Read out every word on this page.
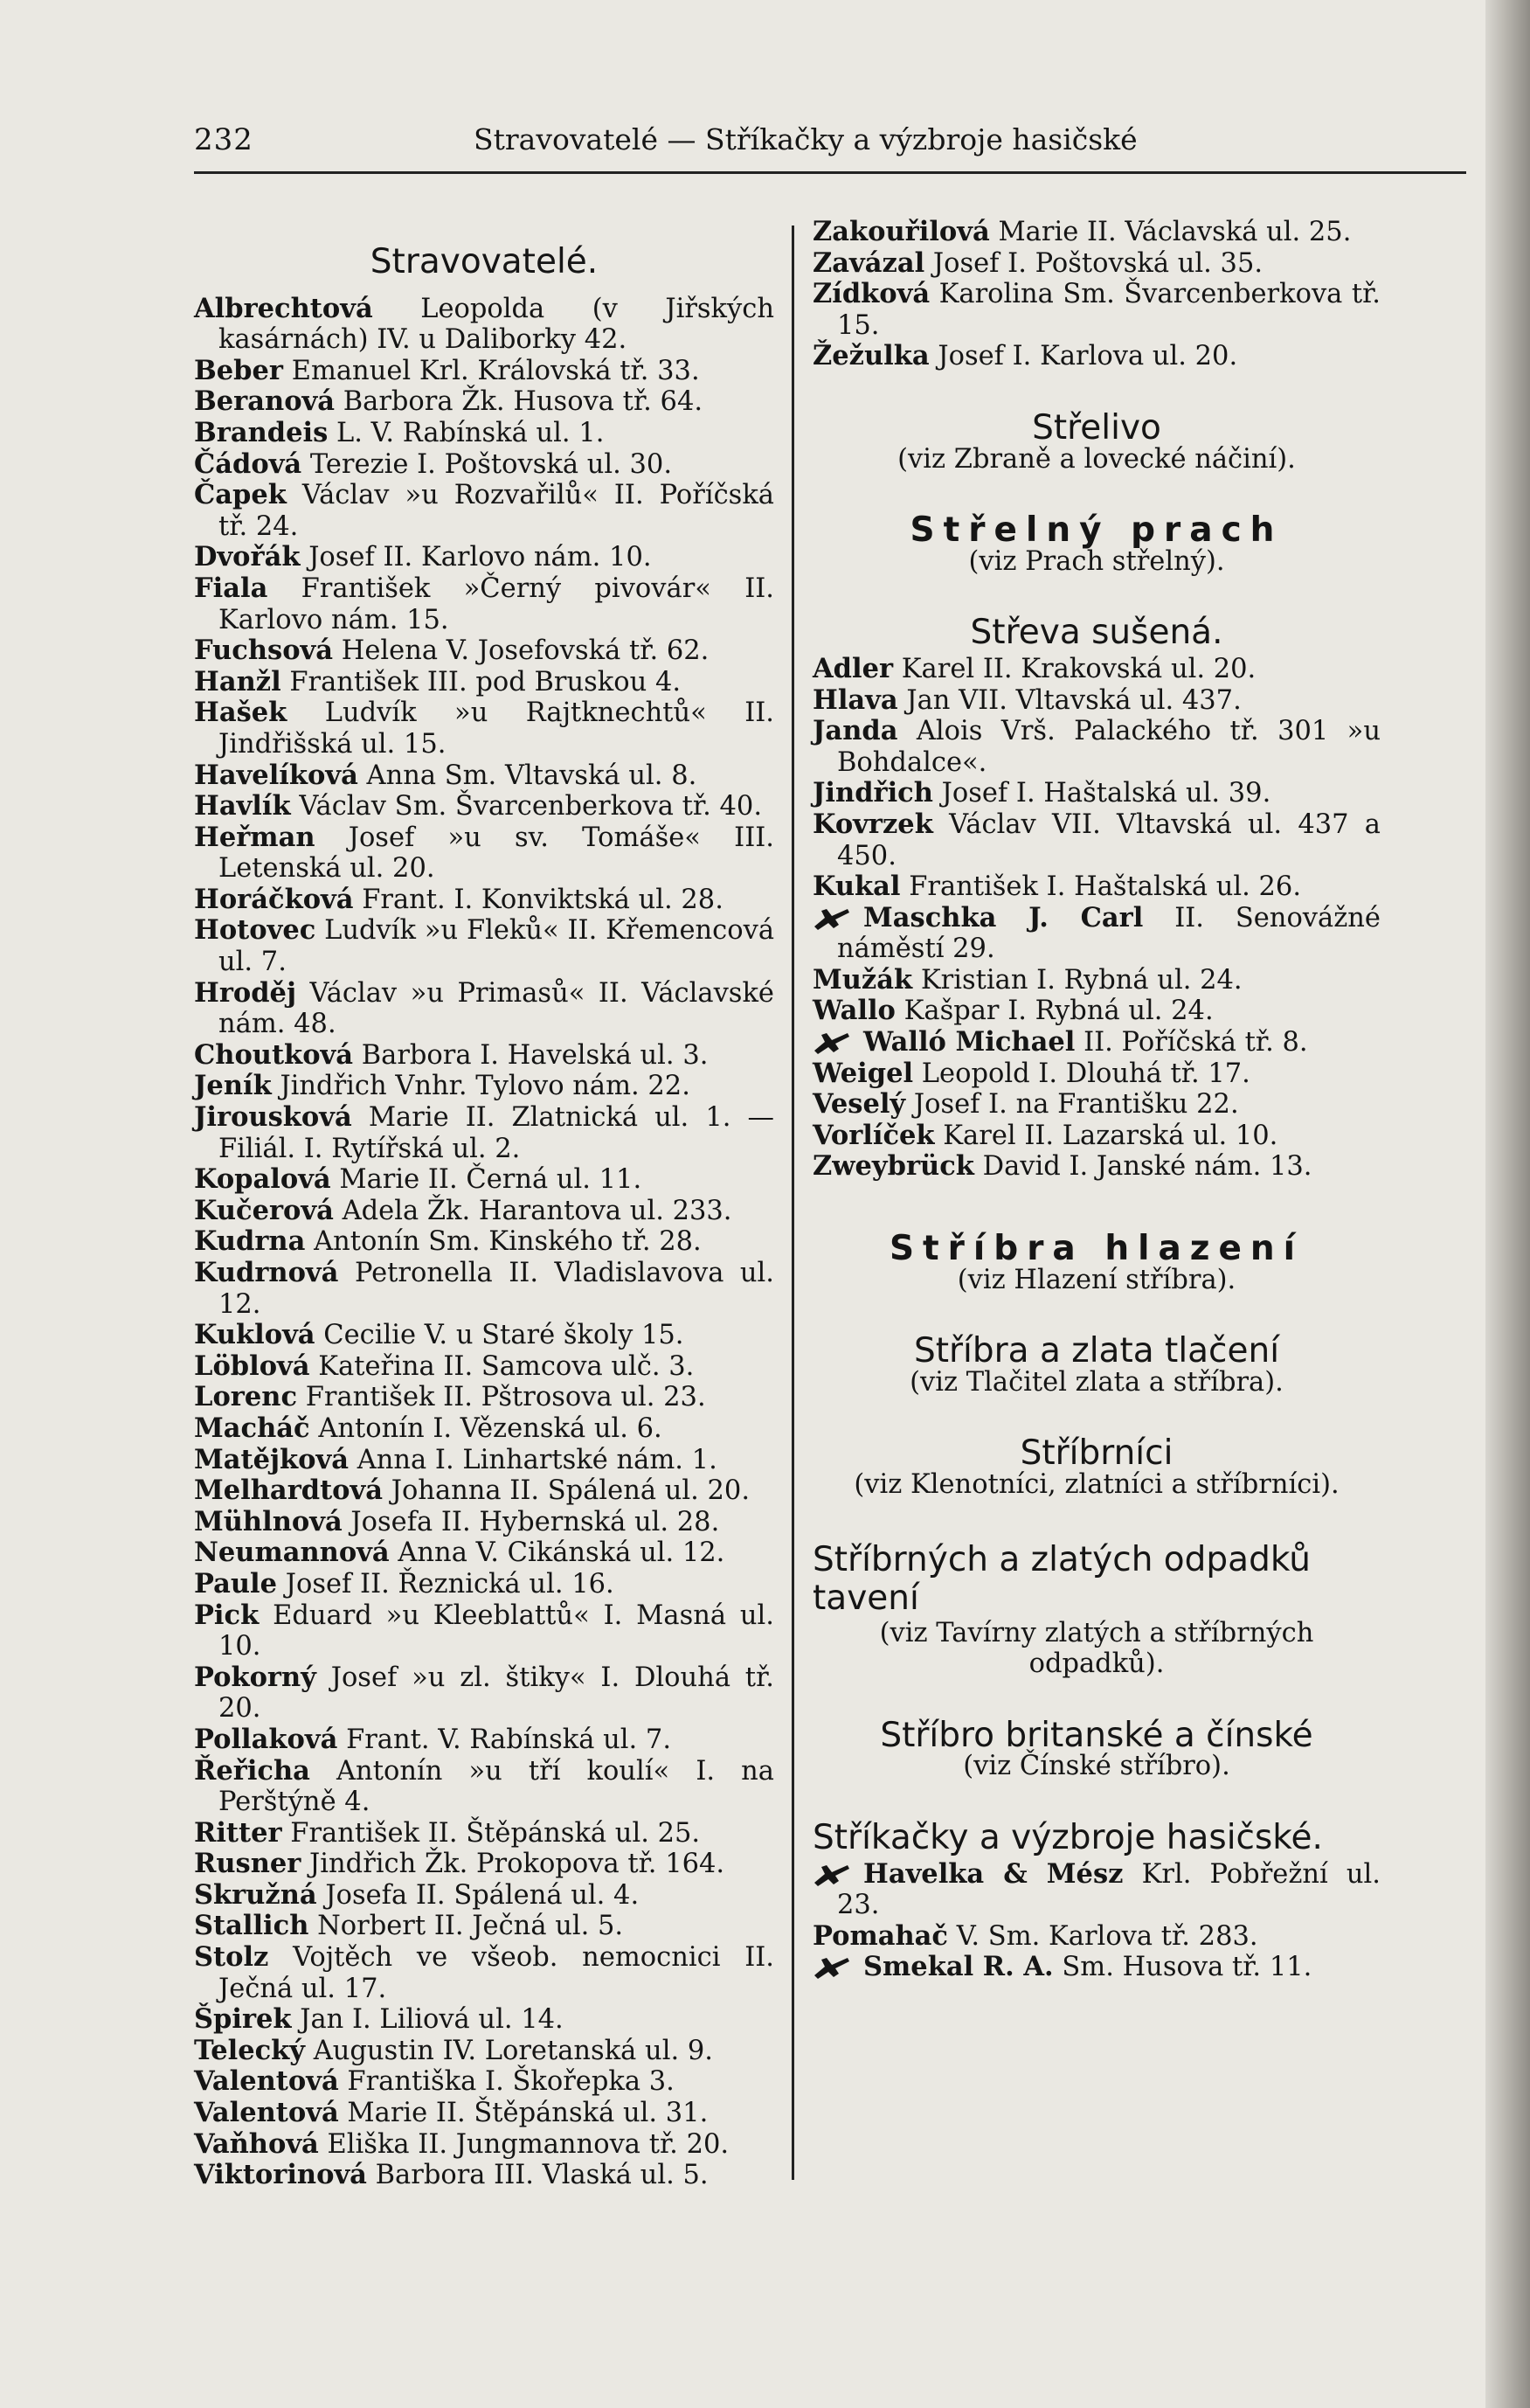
232	Stravovatelé — Stříkačky a výzbroje hasičské
Stravovatelé.

Albrechtová Leopolda (v Jiřských kasárnách) IV. u Daliborky 42.

Beber Emanuel Krl. Královská tř. 33.

Beranová Barbora Žk. Husova tř. 64.

Brandeis L. V. Rabínská ul. 1.

Čádová Terezie I. Poštovská ul. 30.

Čapek Václav »u Rozvařilů« II. Poříčská tř. 24.

Dvořák Josef II. Karlovo nám. 10.

Fiala František »Černý pivovár« II. Karlovo nám. 15.

Fuchsová Helena V. Josefovská tř. 62.

Hanžl František III. pod Bruskou 4.

Hašek Ludvík »u Rajtknechtů« II. Jindřišská ul. 15.

Havelíková Anna Sm. Vltavská ul. 8.

Havlík Václav Sm. Švarcenberkova tř. 40.

Heřman Josef »u sv. Tomáše« III. Letenská ul. 20.

Horáčková Frant. I. Konviktská ul. 28.

Hotovec Ludvík »u Fleků« II. Křemencová ul. 7.

Hroděj Václav »u Primasů« II. Václavské nám. 48.

Choutková Barbora I. Havelská ul. 3.

Jeník Jindřich Vnhr. Tylovo nám. 22.

Jirousková Marie II. Zlatnická ul. 1. — Filiál. I. Rytířská ul. 2.

Kopalová Marie II. Černá ul. 11.

Kučerová Adela Žk. Harantova ul. 233.

Kudrna Antonín Sm. Kinského tř. 28.

Kudrnová Petronella II. Vladislavova ul. 12.

Kuklová Cecilie V. u Staré školy 15.

Löblová Kateřina II. Samcova ulč. 3.

Lorenc František II. Pštrosova ul. 23.

Macháč Antonín I. Vězenská ul. 6.

Matějková Anna I. Linhartské nám. 1.

Melhardtová Johanna II. Spálená ul. 20.

Mühlnová Josefa II. Hybernská ul. 28.

Neumannová Anna V. Cikánská ul. 12.

Paule Josef II. Řeznická ul. 16.

Pick Eduard »u Kleeblattů« I. Masná ul. 10.

Pokorný Josef »u zl. štiky« I. Dlouhá tř. 20.

Pollaková Frant. V. Rabínská ul. 7.

Řeřicha Antonín »u tří koulí« I. na Perštýně 4.

Ritter František II. Štěpánská ul. 25.

Rusner Jindřich Žk. Prokopova tř. 164.

Skružná Josefa II. Spálená ul. 4.

Stallich Norbert II. Ječná ul. 5.

Stolz Vojtěch ve všeob. nemocnici II. Ječná ul. 17.

Špirek Jan I. Liliová ul. 14.

Telecký Augustin IV. Loretanská ul. 9.

Valentová Františka I. Škořepka 3.

Valentová Marie II. Štěpánská ul. 31.

Vaňhová Eliška II. Jungmannova tř. 20.

Viktorinová Barbora III. Vlaská ul. 5.

Zakouřilová Marie II. Václavská ul. 25.

Zavázal Josef I. Poštovská ul. 35.

Zídková Karolina Sm. Švarcenberkova tř. 15.

Žežulka Josef I. Karlova ul. 20.

Střelivo

(viz Zbraně a lovecké náčiní).

Střelný prach

(viz Prach střelný).

Střeva sušená.

Adler Karel II. Krakovská ul. 20.

Hlava Jan VII. Vltavská ul. 437.

Janda Alois Vrš. Palackého tř. 301 »u Bohdalce«.

Jindřich Josef I. Haštalská ul. 39.

Kovrzek Václav VII. Vltavská ul. 437 a 450.

Kukal František I. Haštalská ul. 26.

Maschka J. Carl II. Senovážné náměstí 29.

Mužák Kristian I. Rybná ul. 24.

Wallo Kašpar I. Rybná ul. 24.

Walló Michael II. Poříčská tř. 8.

Weigel Leopold I. Dlouhá tř. 17.

Veselý Josef I. na Františku 22.

Vorlíček Karel II. Lazarská ul. 10.

Zweybrück David I. Janské nám. 13.

Stříbra hlazení

(viz Hlazení stříbra).

Stříbra a zlata tlačení

(viz Tlačitel zlata a stříbra).

Stříbrníci

(viz Klenotníci, zlatníci a stříbrníci).

Stříbrných a zlatých odpadků tavení

(viz Tavírny zlatých a stříbrných odpadků).

Stříbro britanské a čínské

(viz Čínské stříbro).

Stříkačky a výzbroje hasičské.

Havelka & Mész Krl. Pobřežní ul. 23.

Pomahač V. Sm. Karlova tř. 283.

Smekal R. A. Sm. Husova tř. 11.
